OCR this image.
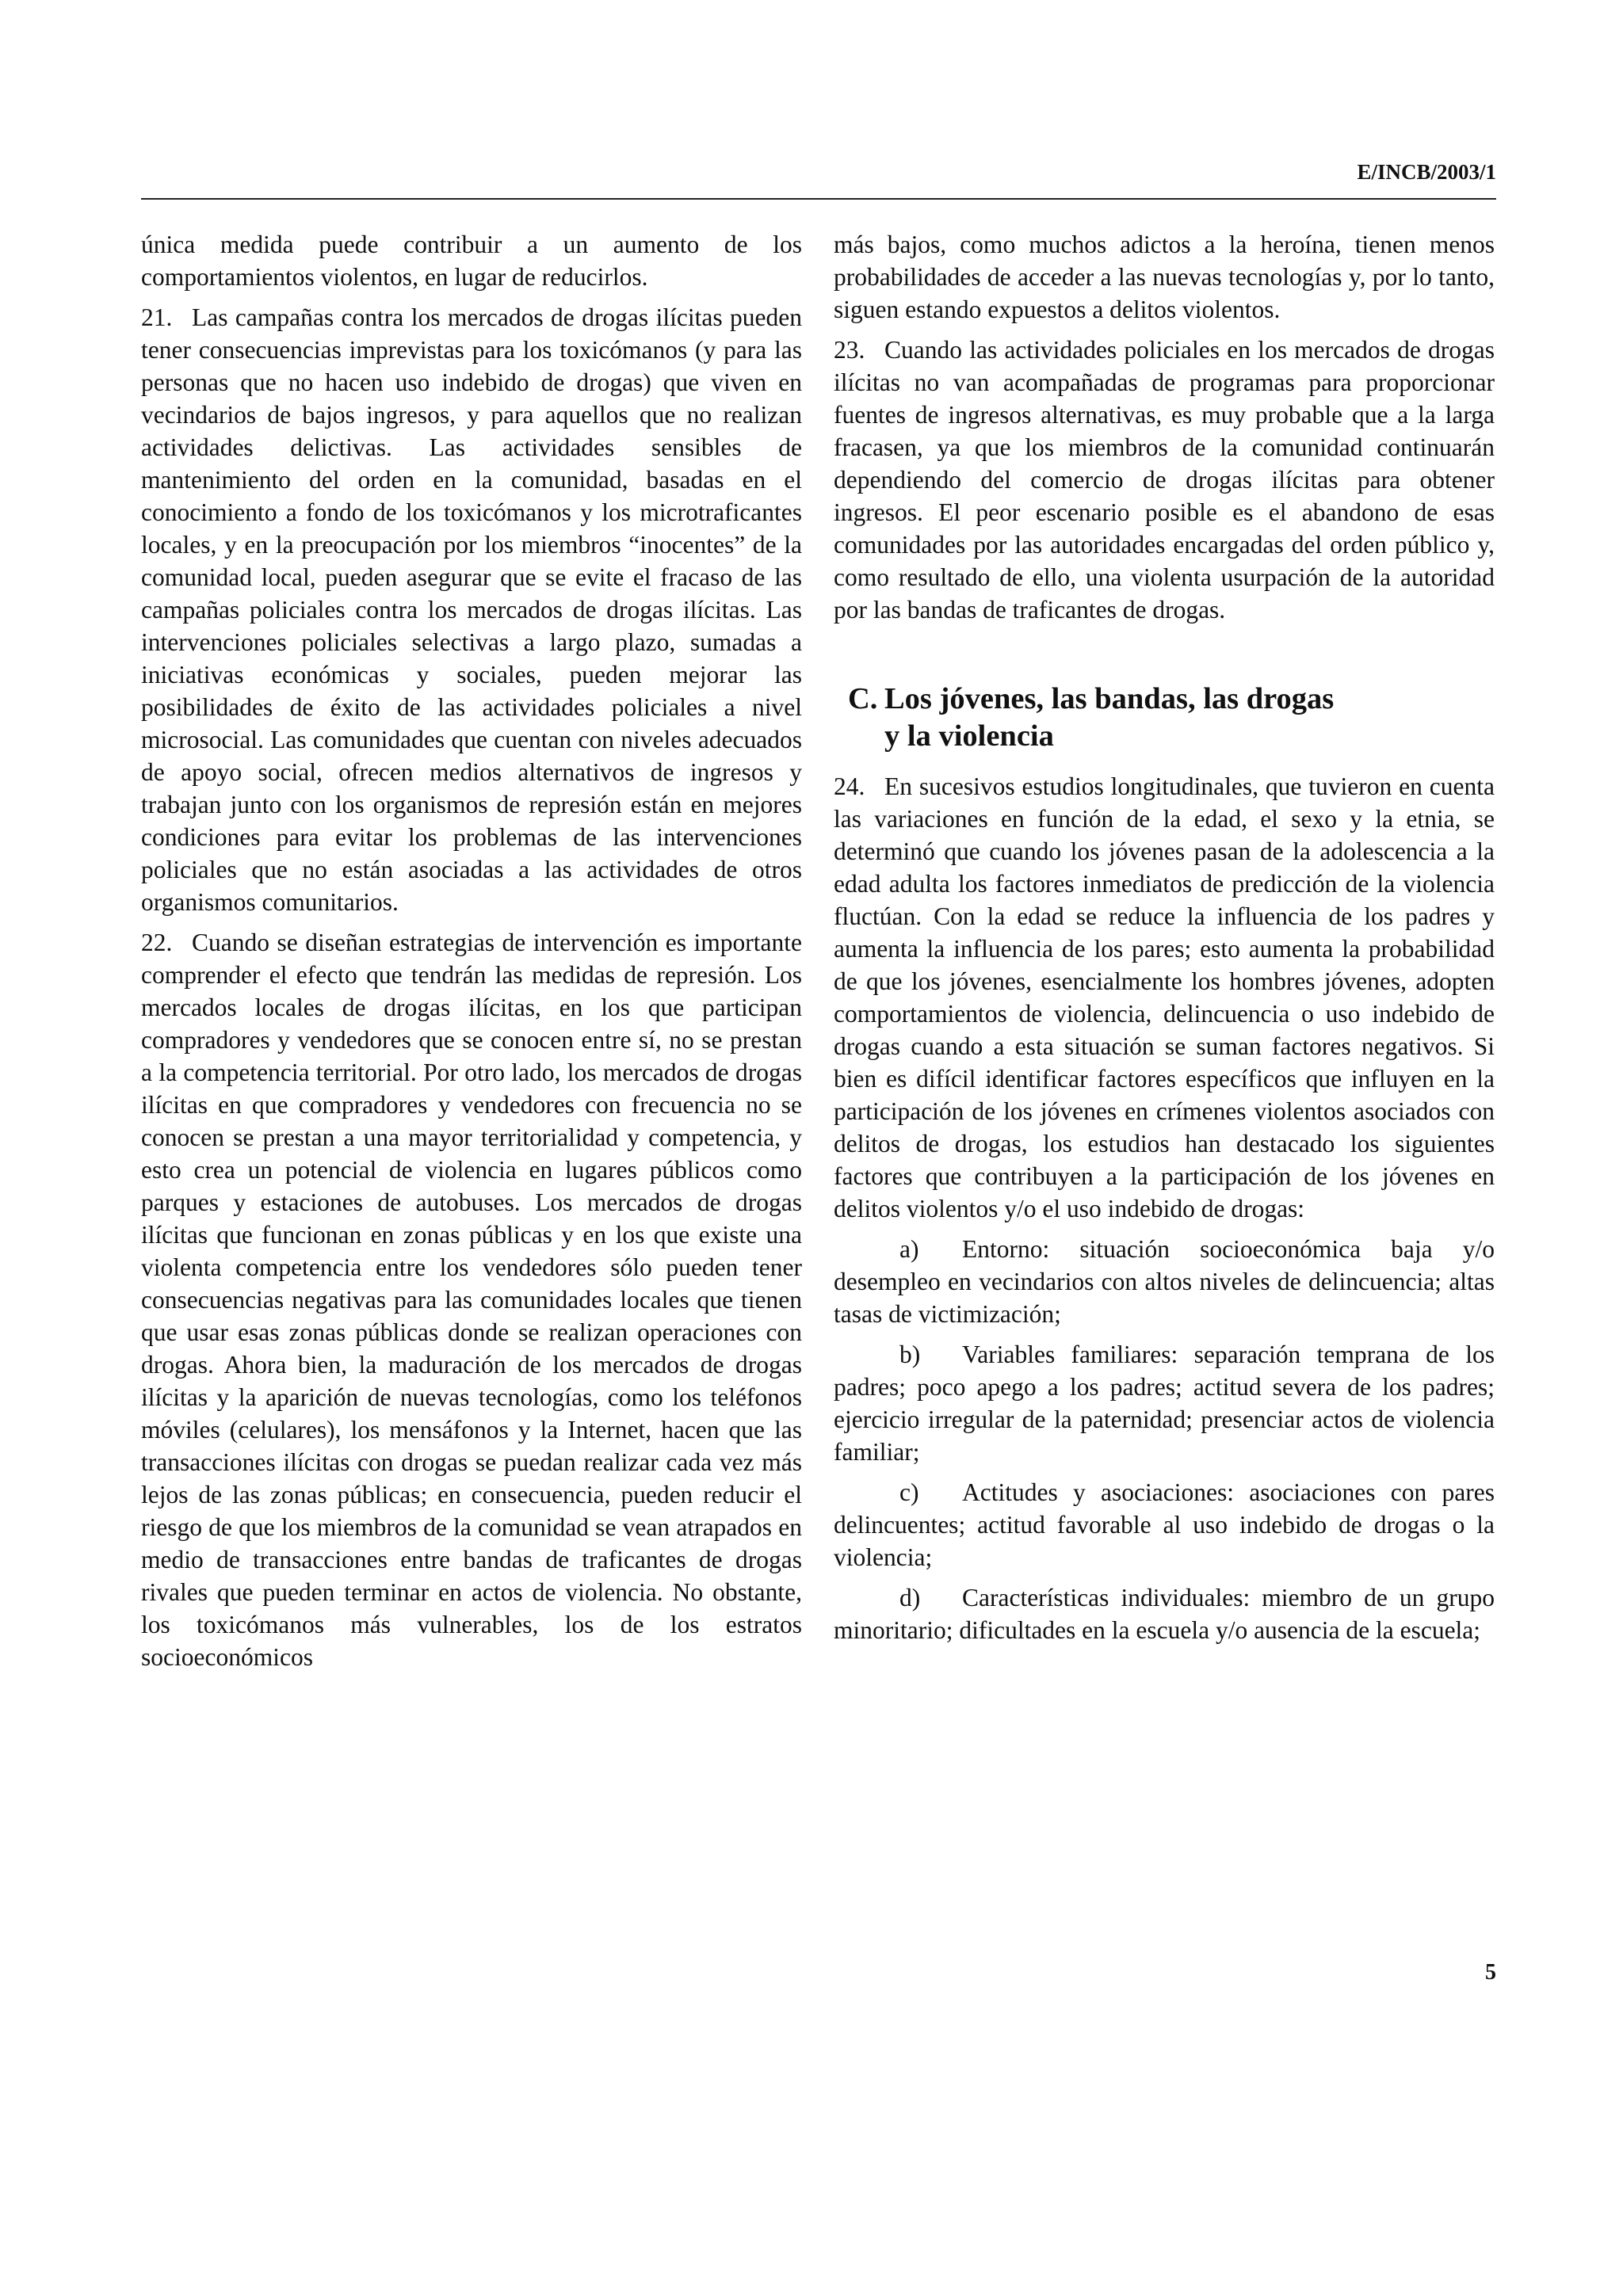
E/INCB/2003/1

única medida puede contribuir a un aumento de los comportamientos violentos, en lugar de reducirlos.

21. Las campañas contra los mercados de drogas ilícitas pueden tener consecuencias imprevistas para los toxicómanos (y para las personas que no hacen uso indebido de drogas) que viven en vecindarios de bajos ingresos, y para aquellos que no realizan actividades delictivas. Las actividades sensibles de mantenimiento del orden en la comunidad, basadas en el conocimiento a fondo de los toxicómanos y los microtraficantes locales, y en la preocupación por los miembros “inocentes” de la comunidad local, pueden asegurar que se evite el fracaso de las campañas policiales contra los mercados de drogas ilícitas. Las intervenciones policiales selectivas a largo plazo, sumadas a iniciativas económicas y sociales, pueden mejorar las posibilidades de éxito de las actividades policiales a nivel microsocial. Las comunidades que cuentan con niveles adecuados de apoyo social, ofrecen medios alternativos de ingresos y trabajan junto con los organismos de represión están en mejores condiciones para evitar los problemas de las intervenciones policiales que no están asociadas a las actividades de otros organismos comunitarios.

22. Cuando se diseñan estrategias de intervención es importante comprender el efecto que tendrán las medidas de represión. Los mercados locales de drogas ilícitas, en los que participan compradores y vendedores que se conocen entre sí, no se prestan a la competencia territorial. Por otro lado, los mercados de drogas ilícitas en que compradores y vendedores con frecuencia no se conocen se prestan a una mayor territorialidad y competencia, y esto crea un potencial de violencia en lugares públicos como parques y estaciones de autobuses. Los mercados de drogas ilícitas que funcionan en zonas públicas y en los que existe una violenta competencia entre los vendedores sólo pueden tener consecuencias negativas para las comunidades locales que tienen que usar esas zonas públicas donde se realizan operaciones con drogas. Ahora bien, la maduración de los mercados de drogas ilícitas y la aparición de nuevas tecnologías, como los teléfonos móviles (celulares), los mensáfonos y la Internet, hacen que las transacciones ilícitas con drogas se puedan realizar cada vez más lejos de las zonas públicas; en consecuencia, pueden reducir el riesgo de que los miembros de la comunidad se vean atrapados en medio de transacciones entre bandas de traficantes de drogas rivales que pueden terminar en actos de violencia. No obstante, los toxicómanos más vulnerables, los de los estratos socioeconómicos

más bajos, como muchos adictos a la heroína, tienen menos probabilidades de acceder a las nuevas tecnologías y, por lo tanto, siguen estando expuestos a delitos violentos.

23. Cuando las actividades policiales en los mercados de drogas ilícitas no van acompañadas de programas para proporcionar fuentes de ingresos alternativas, es muy probable que a la larga fracasen, ya que los miembros de la comunidad continuarán dependiendo del comercio de drogas ilícitas para obtener ingresos. El peor escenario posible es el abandono de esas comunidades por las autoridades encargadas del orden público y, como resultado de ello, una violenta usurpación de la autoridad por las bandas de traficantes de drogas.

C. Los jóvenes, las bandas, las drogas
y la violencia

24. En sucesivos estudios longitudinales, que tuvieron en cuenta las variaciones en función de la edad, el sexo y la etnia, se determinó que cuando los jóvenes pasan de la adolescencia a la edad adulta los factores inmediatos de predicción de la violencia fluctúan. Con la edad se reduce la influencia de los padres y aumenta la influencia de los pares; esto aumenta la probabilidad de que los jóvenes, esencialmente los hombres jóvenes, adopten comportamientos de violencia, delincuencia o uso indebido de drogas cuando a esta situación se suman factores negativos. Si bien es difícil identificar factores específicos que influyen en la participación de los jóvenes en crímenes violentos asociados con delitos de drogas, los estudios han destacado los siguientes factores que contribuyen a la participación de los jóvenes en delitos violentos y/o el uso indebido de drogas:

a) Entorno: situación socioeconómica baja y/o desempleo en vecindarios con altos niveles de delincuencia; altas tasas de victimización;

b) Variables familiares: separación temprana de los padres; poco apego a los padres; actitud severa de los padres; ejercicio irregular de la paternidad; presenciar actos de violencia familiar;

c) Actitudes y asociaciones: asociaciones con pares delincuentes; actitud favorable al uso indebido de drogas o la violencia;

d) Características individuales: miembro de un grupo minoritario; dificultades en la escuela y/o ausencia de la escuela;

5
